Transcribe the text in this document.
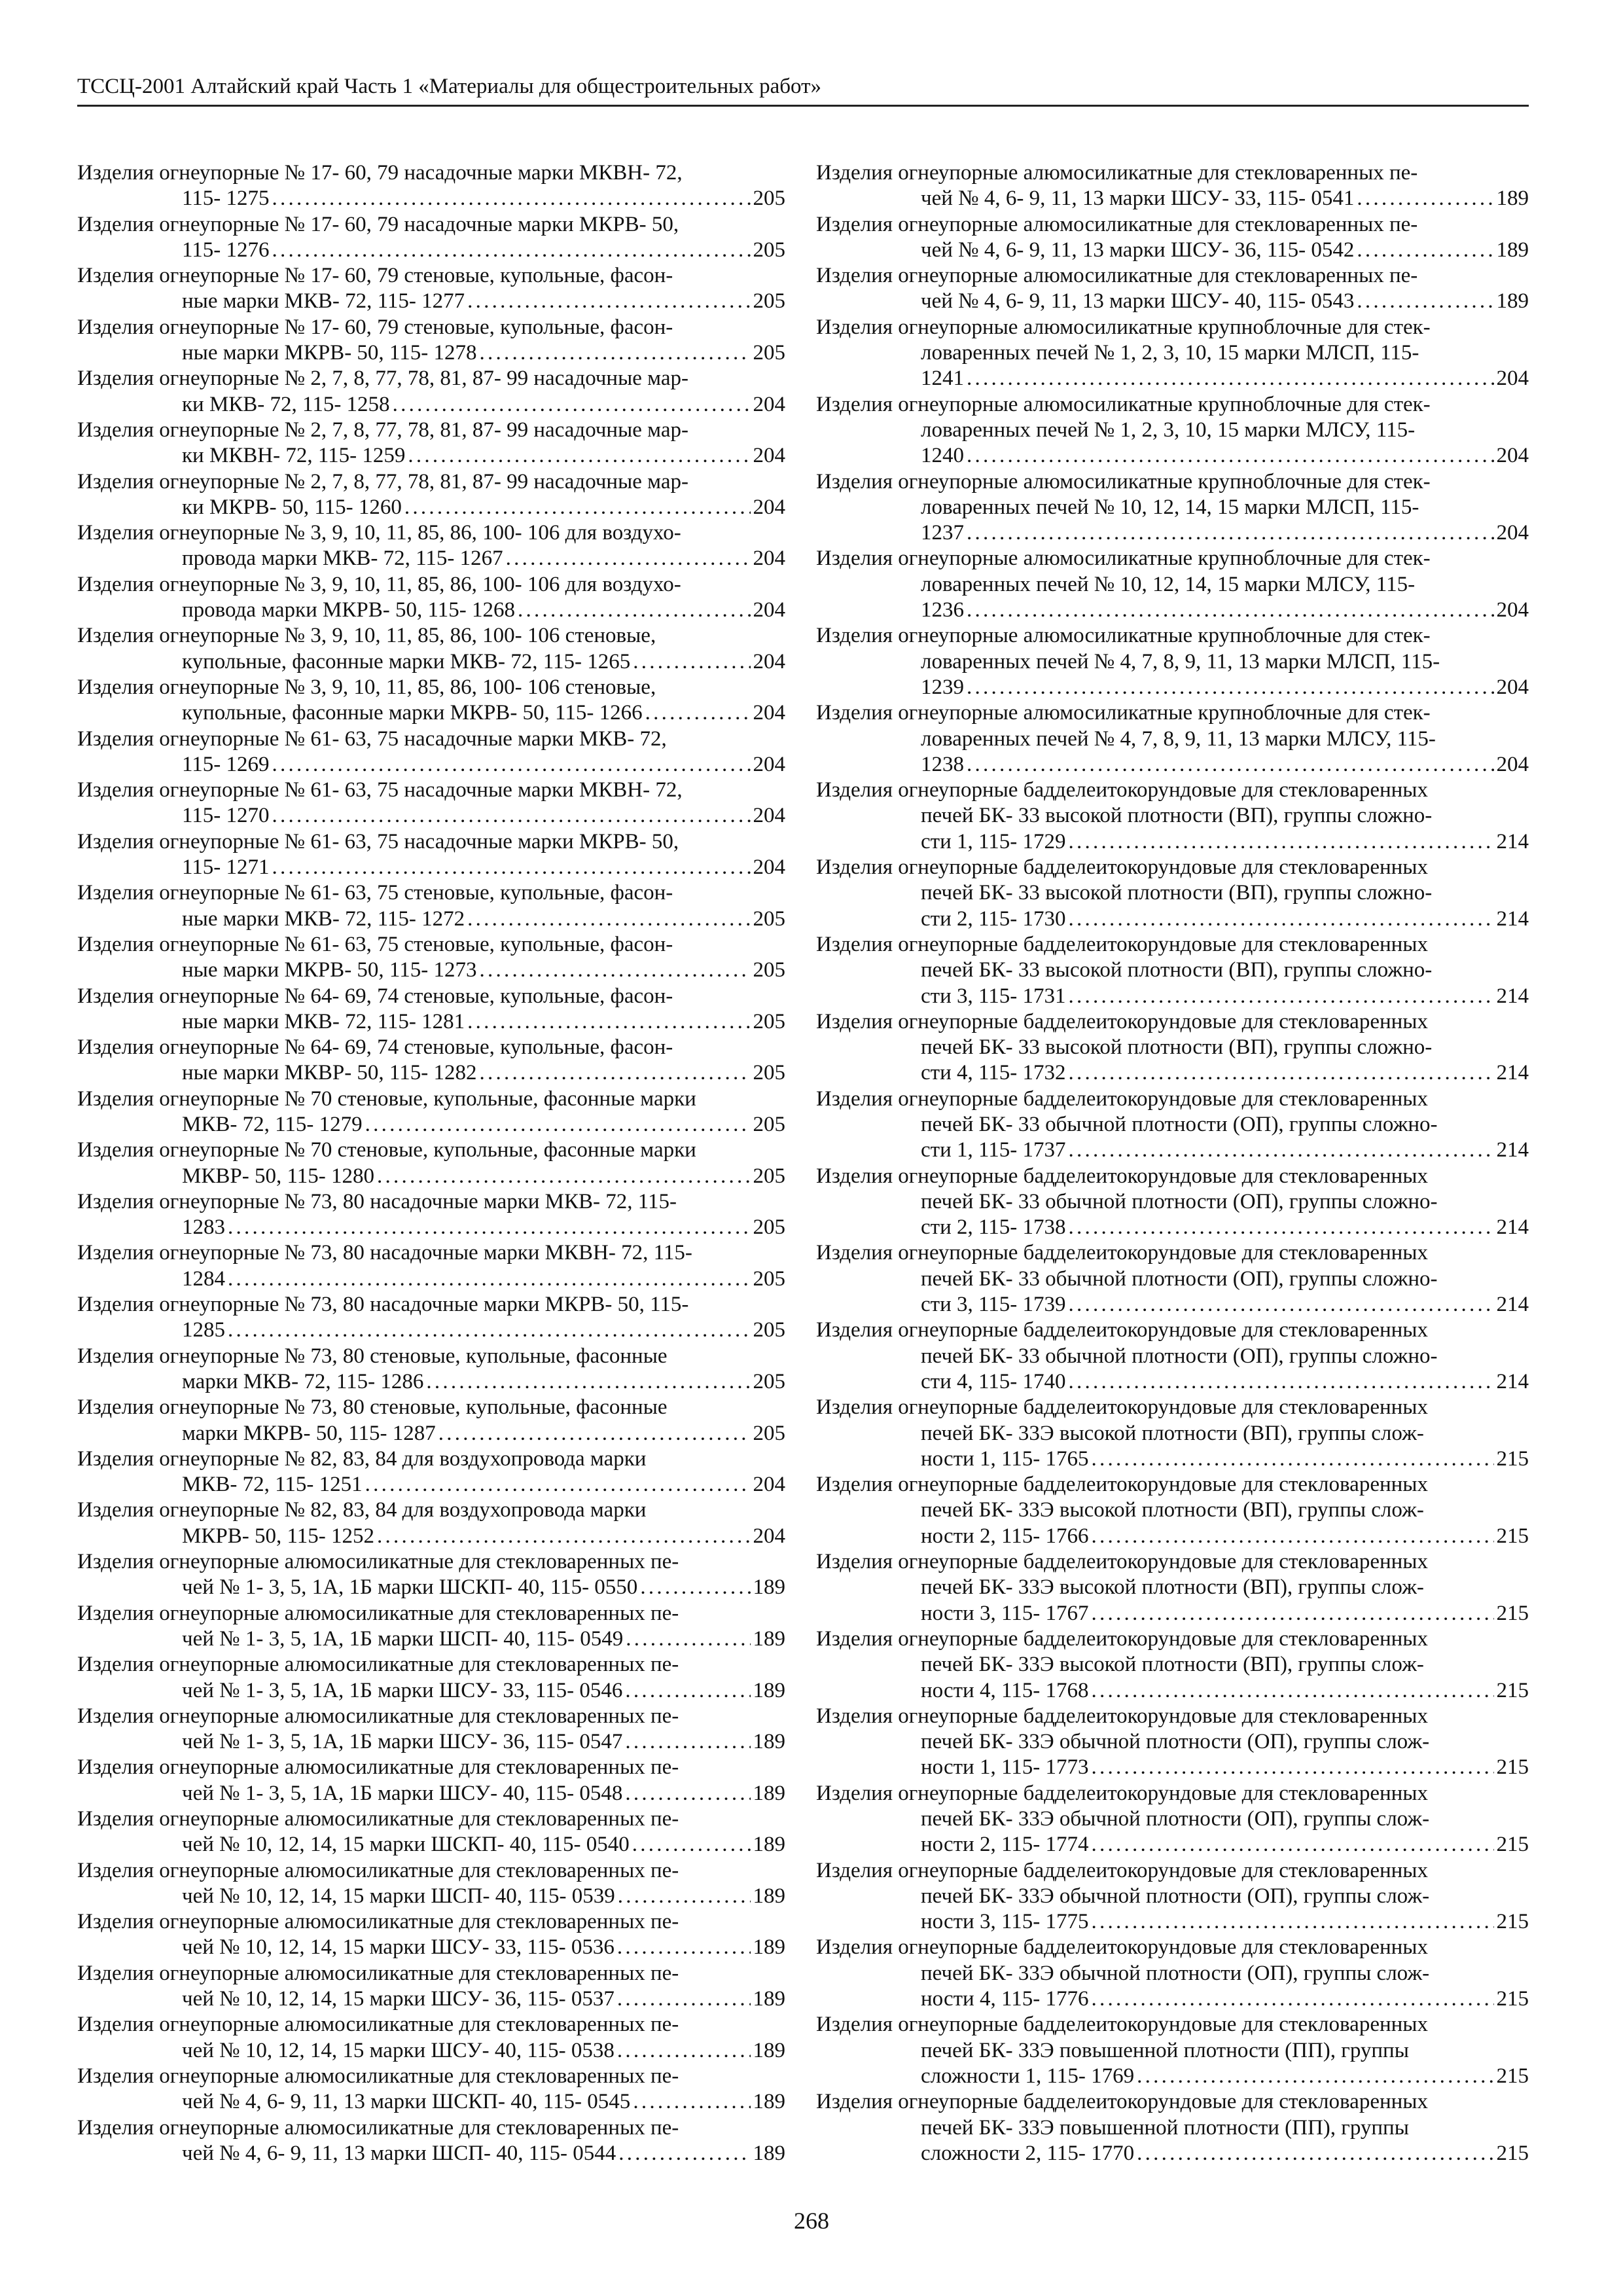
ТССЦ-2001 Алтайский край Часть 1 «Материалы для общестроительных работ»
Изделия огнеупорные № 17- 60, 79 насадочные марки МКВН- 72,
115- 1275 . . .	205
Изделия огнеупорные № 17- 60, 79 насадочные марки МКРВ- 50,
115- 1276 . . .	205
Изделия огнеупорные № 17- 60, 79 стеновые, купольные, фасон-
ные марки МКВ- 72, 115- 1277 . . .	205
Изделия огнеупорные № 17- 60, 79 стеновые, купольные, фасон-
ные марки МКРВ- 50, 115- 1278 . . .	205
Изделия огнеупорные № 2, 7, 8, 77, 78, 81, 87- 99 насадочные мар-
ки МКВ- 72, 115- 1258 . . .	204
Изделия огнеупорные № 2, 7, 8, 77, 78, 81, 87- 99 насадочные мар-
ки МКВН- 72, 115- 1259 . . .	204
Изделия огнеупорные № 2, 7, 8, 77, 78, 81, 87- 99 насадочные мар-
ки МКРВ- 50, 115- 1260 . . .	204
Изделия огнеупорные № 3, 9, 10, 11, 85, 86, 100- 106 для воздухо-
провода марки МКВ- 72, 115- 1267 . . .	204
Изделия огнеупорные № 3, 9, 10, 11, 85, 86, 100- 106 для воздухо-
провода марки МКРВ- 50, 115- 1268 . . .	204
Изделия огнеупорные № 3, 9, 10, 11, 85, 86, 100- 106 стеновые,
купольные, фасонные марки МКВ- 72, 115- 1265 . . .	204
Изделия огнеупорные № 3, 9, 10, 11, 85, 86, 100- 106 стеновые,
купольные, фасонные марки МКРВ- 50, 115- 1266 . . .	204
Изделия огнеупорные № 61- 63, 75 насадочные марки МКВ- 72,
115- 1269 . . .	204
Изделия огнеупорные № 61- 63, 75 насадочные марки МКВН- 72,
115- 1270 . . .	204
Изделия огнеупорные № 61- 63, 75 насадочные марки МКРВ- 50,
115- 1271 . . .	204
Изделия огнеупорные № 61- 63, 75 стеновые, купольные, фасон-
ные марки МКВ- 72, 115- 1272 . . .	205
Изделия огнеупорные № 61- 63, 75 стеновые, купольные, фасон-
ные марки МКРВ- 50, 115- 1273 . . .	205
Изделия огнеупорные № 64- 69, 74 стеновые, купольные, фасон-
ные марки МКВ- 72, 115- 1281 . . .	205
Изделия огнеупорные № 64- 69, 74 стеновые, купольные, фасон-
ные марки МКВР- 50, 115- 1282 . . .	205
Изделия огнеупорные № 70 стеновые, купольные, фасонные марки
МКВ- 72, 115- 1279 . . .	205
Изделия огнеупорные № 70 стеновые, купольные, фасонные марки
МКВР- 50, 115- 1280 . . .	205
Изделия огнеупорные № 73, 80 насадочные марки МКВ- 72, 115-
1283 . . .	205
Изделия огнеупорные № 73, 80 насадочные марки МКВН- 72, 115-
1284 . . .	205
Изделия огнеупорные № 73, 80 насадочные марки МКРВ- 50, 115-
1285 . . .	205
Изделия огнеупорные № 73, 80 стеновые, купольные, фасонные
марки МКВ- 72, 115- 1286 . . .	205
Изделия огнеупорные № 73, 80 стеновые, купольные, фасонные
марки МКРВ- 50, 115- 1287 . . .	205
Изделия огнеупорные № 82, 83, 84 для воздухопровода марки
МКВ- 72, 115- 1251 . . .	204
Изделия огнеупорные № 82, 83, 84 для воздухопровода марки
МКРВ- 50, 115- 1252 . . .	204
Изделия огнеупорные алюмосиликатные для стекловаренных пе-
чей № 1- 3, 5, 1А, 1Б марки ШСКП- 40, 115- 0550 . . .	189
Изделия огнеупорные алюмосиликатные для стекловаренных пе-
чей № 1- 3, 5, 1А, 1Б марки ШСП- 40, 115- 0549 . . .	189
Изделия огнеупорные алюмосиликатные для стекловаренных пе-
чей № 1- 3, 5, 1А, 1Б марки ШСУ- 33, 115- 0546 . . .	189
Изделия огнеупорные алюмосиликатные для стекловаренных пе-
чей № 1- 3, 5, 1А, 1Б марки ШСУ- 36, 115- 0547 . . .	189
Изделия огнеупорные алюмосиликатные для стекловаренных пе-
чей № 1- 3, 5, 1А, 1Б марки ШСУ- 40, 115- 0548 . . .	189
Изделия огнеупорные алюмосиликатные для стекловаренных пе-
чей № 10, 12, 14, 15 марки ШСКП- 40, 115- 0540 . . .	189
Изделия огнеупорные алюмосиликатные для стекловаренных пе-
чей № 10, 12, 14, 15 марки ШСП- 40, 115- 0539 . . .	189
Изделия огнеупорные алюмосиликатные для стекловаренных пе-
чей № 10, 12, 14, 15 марки ШСУ- 33, 115- 0536 . . .	189
Изделия огнеупорные алюмосиликатные для стекловаренных пе-
чей № 10, 12, 14, 15 марки ШСУ- 36, 115- 0537 . . .	189
Изделия огнеупорные алюмосиликатные для стекловаренных пе-
чей № 10, 12, 14, 15 марки ШСУ- 40, 115- 0538 . . .	189
Изделия огнеупорные алюмосиликатные для стекловаренных пе-
чей № 4, 6- 9, 11, 13 марки ШСКП- 40, 115- 0545 . . .	189
Изделия огнеупорные алюмосиликатные для стекловаренных пе-
чей № 4, 6- 9, 11, 13 марки ШСП- 40, 115- 0544 . . .	189
Изделия огнеупорные алюмосиликатные для стекловаренных пе-
чей № 4, 6- 9, 11, 13 марки ШСУ- 33, 115- 0541 . . .	189
Изделия огнеупорные алюмосиликатные для стекловаренных пе-
чей № 4, 6- 9, 11, 13 марки ШСУ- 36, 115- 0542 . . .	189
Изделия огнеупорные алюмосиликатные для стекловаренных пе-
чей № 4, 6- 9, 11, 13 марки ШСУ- 40, 115- 0543 . . .	189
Изделия огнеупорные алюмосиликатные крупноблочные для стек-
ловаренных печей № 1, 2, 3, 10, 15 марки МЛСП, 115-
1241 . . .	204
Изделия огнеупорные алюмосиликатные крупноблочные для стек-
ловаренных печей № 1, 2, 3, 10, 15 марки МЛСУ, 115-
1240 . . .	204
Изделия огнеупорные алюмосиликатные крупноблочные для стек-
ловаренных печей № 10, 12, 14, 15 марки МЛСП, 115-
1237 . . .	204
Изделия огнеупорные алюмосиликатные крупноблочные для стек-
ловаренных печей № 10, 12, 14, 15 марки МЛСУ, 115-
1236 . . .	204
Изделия огнеупорные алюмосиликатные крупноблочные для стек-
ловаренных печей № 4, 7, 8, 9, 11, 13 марки МЛСП, 115-
1239 . . .	204
Изделия огнеупорные алюмосиликатные крупноблочные для стек-
ловаренных печей № 4, 7, 8, 9, 11, 13 марки МЛСУ, 115-
1238 . . .	204
Изделия огнеупорные бадделеитокорундовые для стекловаренных
печей БК- 33 высокой плотности (ВП), группы сложно-
сти 1, 115- 1729 . . .	214
Изделия огнеупорные бадделеитокорундовые для стекловаренных
печей БК- 33 высокой плотности (ВП), группы сложно-
сти 2, 115- 1730 . . .	214
Изделия огнеупорные бадделеитокорундовые для стекловаренных
печей БК- 33 высокой плотности (ВП), группы сложно-
сти 3, 115- 1731 . . .	214
Изделия огнеупорные бадделеитокорундовые для стекловаренных
печей БК- 33 высокой плотности (ВП), группы сложно-
сти 4, 115- 1732 . . .	214
Изделия огнеупорные бадделеитокорундовые для стекловаренных
печей БК- 33 обычной плотности (ОП), группы сложно-
сти 1, 115- 1737 . . .	214
Изделия огнеупорные бадделеитокорундовые для стекловаренных
печей БК- 33 обычной плотности (ОП), группы сложно-
сти 2, 115- 1738 . . .	214
Изделия огнеупорные бадделеитокорундовые для стекловаренных
печей БК- 33 обычной плотности (ОП), группы сложно-
сти 3, 115- 1739 . . .	214
Изделия огнеупорные бадделеитокорундовые для стекловаренных
печей БК- 33 обычной плотности (ОП), группы сложно-
сти 4, 115- 1740 . . .	214
Изделия огнеупорные бадделеитокорундовые для стекловаренных
печей БК- 33Э высокой плотности (ВП), группы слож-
ности 1, 115- 1765 . . .	215
Изделия огнеупорные бадделеитокорундовые для стекловаренных
печей БК- 33Э высокой плотности (ВП), группы слож-
ности 2, 115- 1766 . . .	215
Изделия огнеупорные бадделеитокорундовые для стекловаренных
печей БК- 33Э высокой плотности (ВП), группы слож-
ности 3, 115- 1767 . . .	215
Изделия огнеупорные бадделеитокорундовые для стекловаренных
печей БК- 33Э высокой плотности (ВП), группы слож-
ности 4, 115- 1768 . . .	215
Изделия огнеупорные бадделеитокорундовые для стекловаренных
печей БК- 33Э обычной плотности (ОП), группы слож-
ности 1, 115- 1773 . . .	215
Изделия огнеупорные бадделеитокорундовые для стекловаренных
печей БК- 33Э обычной плотности (ОП), группы слож-
ности 2, 115- 1774 . . .	215
Изделия огнеупорные бадделеитокорундовые для стекловаренных
печей БК- 33Э обычной плотности (ОП), группы слож-
ности 3, 115- 1775 . . .	215
Изделия огнеупорные бадделеитокорундовые для стекловаренных
печей БК- 33Э обычной плотности (ОП), группы слож-
ности 4, 115- 1776 . . .	215
Изделия огнеупорные бадделеитокорундовые для стекловаренных
печей БК- 33Э повышенной плотности (ПП), группы
сложности 1, 115- 1769 . . .	215
Изделия огнеупорные бадделеитокорундовые для стекловаренных
печей БК- 33Э повышенной плотности (ПП), группы
сложности 2, 115- 1770 . . .	215
268
